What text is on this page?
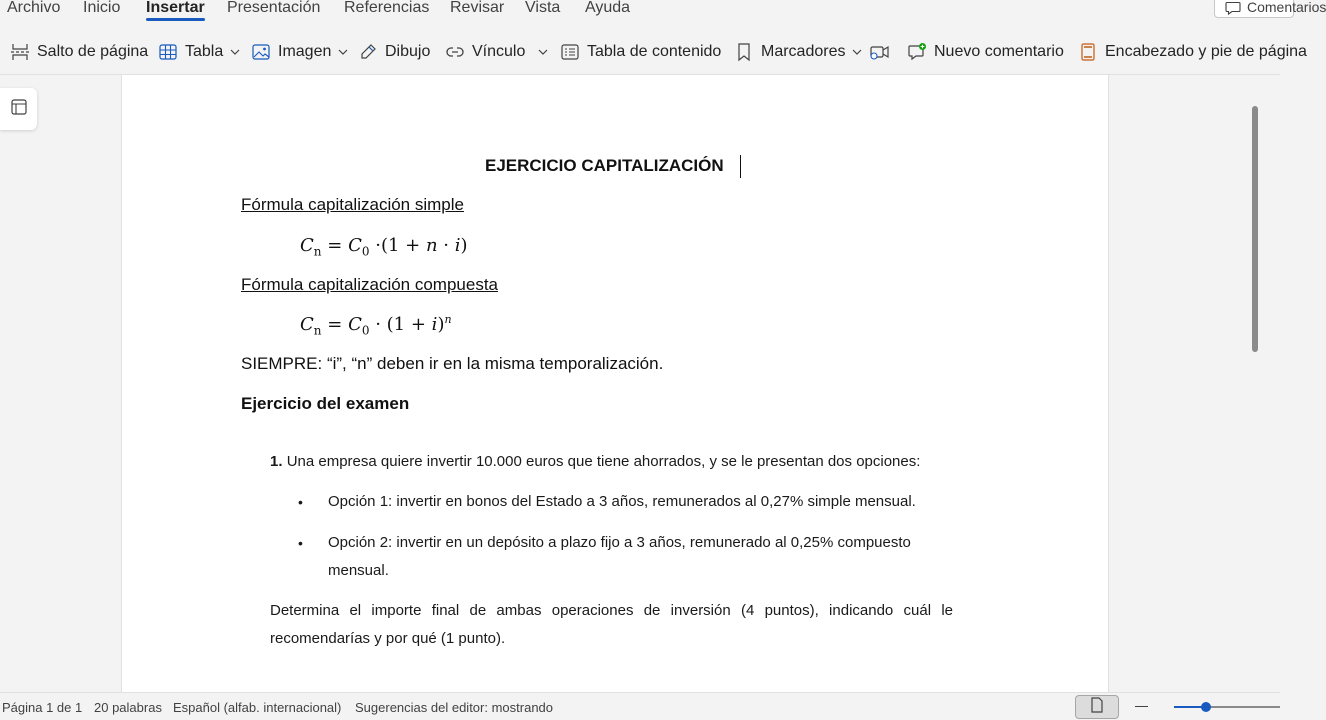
Archivo Inicio Insertar Presentación Referencias Revisar Vista Ayuda	Comentarios
Salto de página Tabla	Imagen	Dibujo	Vínculo	Tabla de contenido Marcadores	Nuevo comentario	Encabezado y pie de página
EJERCICIO CAPITALIZACIÓN
Fórmula capitalización simple
$C_n = C_0 \cdot(1 + n \cdot i)$
Fórmula capitalización compuesta
$C_n = C_0 \cdot (1 + i)^n$
SIEMPRE: “i”, “n” deben ir en la misma temporalización.
Ejercicio del examen
1. Una empresa quiere invertir 10.000 euros que tiene ahorrados, y se le presentan dos opciones:
• Opción 1: invertir en bonos del Estado a 3 años, remunerados al 0,27% simple mensual.
• Opción 2: invertir en un depósito a plazo fijo a 3 años, remunerado al 0,25% compuesto
mensual.
Determina el importe final de ambas operaciones de inversión (4 puntos), indicando cuál le
recomendarías y por qué (1 punto).
Página 1 de 1 20 palabras Español (alfab. internacional) Sugerencias del editor: mostrando
